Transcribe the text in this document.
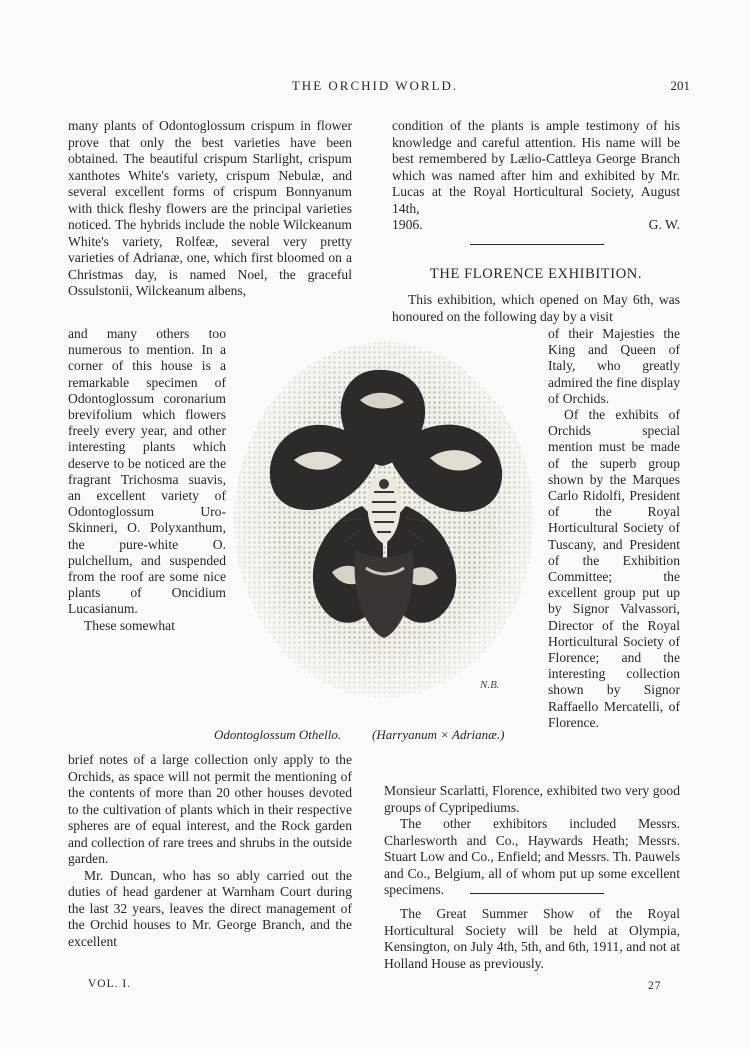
THE ORCHID WORLD.	201

many plants of Odontoglossum crispum in flower prove that only the best varieties have been obtained. The beautiful crispum Starlight, crispum xanthotes White's variety, crispum Nebulæ, and several excellent forms of crispum Bonnyanum with thick fleshy flowers are the principal varieties noticed. The hybrids include the noble Wilckeanum White's variety, Rolfeæ, several very pretty varieties of Adrianæ, one, which first bloomed on a Christmas day, is named Noel, the graceful Ossulstonii, Wilckeanum albens,

and many others too numerous to mention. In a corner of this house is a remarkable specimen of Odontoglossum coronarium brevifolium which flowers freely every year, and other interesting plants which deserve to be noticed are the fragrant Trichosma suavis, an excellent variety of Odontoglossum Uro-Skinneri, O. Polyxanthum, the pure-white O. pulchellum, and suspended from the roof are some nice plants of Oncidium Lucasianum.

These somewhat

brief notes of a large collection only apply to the Orchids, as space will not permit the mentioning of the contents of more than 20 other houses devoted to the cultivation of plants which in their respective spheres are of equal interest, and the Rock garden and collection of rare trees and shrubs in the outside garden.

Mr. Duncan, who has so ably carried out the duties of head gardener at Warnham Court during the last 32 years, leaves the direct management of the Orchid houses to Mr. George Branch, and the excellent

condition of the plants is ample testimony of his knowledge and careful attention. His name will be best remembered by Lælio-Cattleya George Branch which was named after him and exhibited by Mr. Lucas at the Royal Horticultural Society, August 14th,

1906.	G. W.
THE FLORENCE EXHIBITION.

This exhibition, which opened on May 6th, was honoured on the following day by a visit

of their Majesties the King and Queen of Italy, who greatly admired the fine display of Orchids.

Of the exhibits of Orchids special mention must be made of the superb group shown by the Marques Carlo Ridolfi, President of the Royal Horticultural Society of Tuscany, and President of the Exhibition Committee; the excellent group put up by Signor Valvassori, Director of the Royal Horticultural Society of Florence; and the interesting collection shown by Signor Raffaello Mercatelli, of Florence.

Monsieur Scarlatti, Florence, exhibited two very good groups of Cypripediums.

The other exhibitors included Messrs. Charlesworth and Co., Haywards Heath; Messrs. Stuart Low and Co., Enfield; and Messrs. Th. Pauwels and Co., Belgium, all of whom put up some excellent specimens.

The Great Summer Show of the Royal Horticultural Society will be held at Olympia, Kensington, on July 4th, 5th, and 6th, 1911, and not at Holland House as previously.

N.B.
Odontoglossum Othello. (Harryanum × Adrianæ.)
VOL. I.	27
